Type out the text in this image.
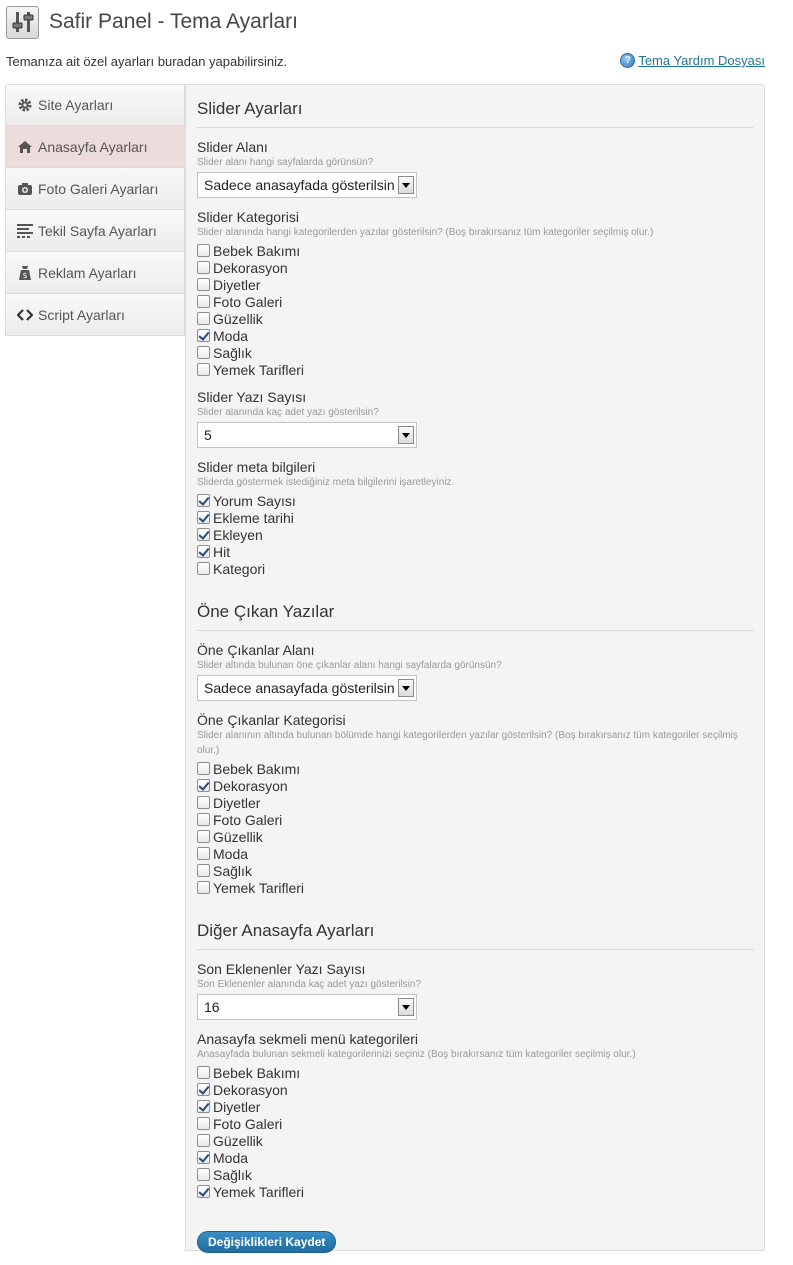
Safir Panel - Tema Ayarları
Temanıza ait özel ayarları buradan yapabilirsiniz.	? Tema Yardım Dosyası
Site Ayarları
Anasayfa Ayarları
Foto Galeri Ayarları
Tekil Sayfa Ayarları
$ Reklam Ayarları
Script Ayarları
Slider Ayarları
Slider Alanı
Slider alanı hangi sayfalarda görünsün?
Sadece anasayfada gösterilsin
Slider Kategorisi
Slider alanında hangi kategorilerden yazılar gösterilsin? (Boş bırakırsanız tüm kategoriler seçilmiş olur.)
Bebek Bakımı
Dekorasyon
Diyetler
Foto Galeri
Güzellik
Moda
Sağlık
Yemek Tarifleri
Slider Yazı Sayısı
Slider alanında kaç adet yazı gösterilsin?
5
Slider meta bilgileri
Sliderda göstermek istediğiniz meta bilgilerini işaretleyiniz.
Yorum Sayısı
Ekleme tarihi
Ekleyen
Hit
Kategori
Öne Çıkan Yazılar
Öne Çıkanlar Alanı
Slider altında bulunan öne çıkanlar alanı hangi sayfalarda görünsün?
Sadece anasayfada gösterilsin
Öne Çıkanlar Kategorisi
Slider alanının altında bulunan bölümde hangi kategorilerden yazılar gösterilsin? (Boş bırakırsanız tüm kategoriler seçilmiş olur.)
Bebek Bakımı
Dekorasyon
Diyetler
Foto Galeri
Güzellik
Moda
Sağlık
Yemek Tarifleri
Diğer Anasayfa Ayarları
Son Eklenenler Yazı Sayısı
Son Eklenenler alanında kaç adet yazı gösterilsin?
16
Anasayfa sekmeli menü kategorileri
Anasayfada bulunan sekmeli kategorilerinizi seçiniz (Boş bırakırsanız tüm kategoriler seçilmiş olur.)
Bebek Bakımı
Dekorasyon
Diyetler
Foto Galeri
Güzellik
Moda
Sağlık
Yemek Tarifleri
Değişiklikleri Kaydet
